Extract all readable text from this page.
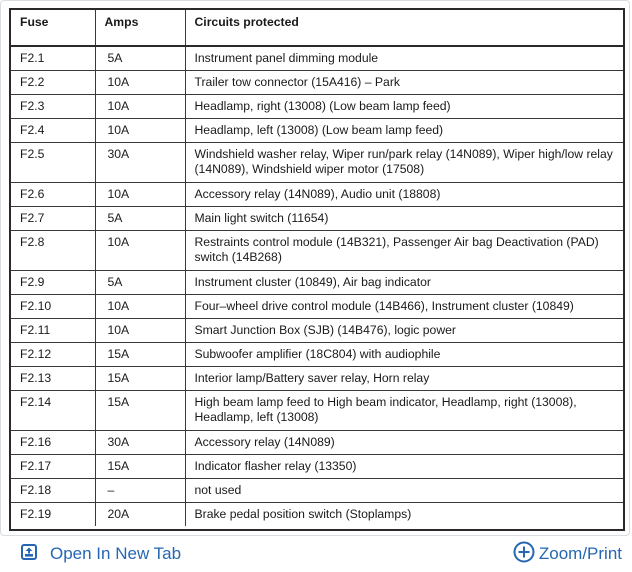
Fuse	Amps	Circuits protected
F2.1	5A	Instrument panel dimming module
F2.2	10A	Trailer tow connector (15A416) – Park
F2.3	10A	Headlamp, right (13008) (Low beam lamp feed)
F2.4	10A	Headlamp, left (13008) (Low beam lamp feed)
F2.5	30A	Windshield washer relay, Wiper run/park relay (14N089), Wiper high/low relay (14N089), Windshield wiper motor (17508)
F2.6	10A	Accessory relay (14N089), Audio unit (18808)
F2.7	5A	Main light switch (11654)
F2.8	10A	Restraints control module (14B321), Passenger Air bag Deactivation (PAD) switch (14B268)
F2.9	5A	Instrument cluster (10849), Air bag indicator
F2.10	10A	Four–wheel drive control module (14B466), Instrument cluster (10849)
F2.11	10A	Smart Junction Box (SJB) (14B476), logic power
F2.12	15A	Subwoofer amplifier (18C804) with audiophile
F2.13	15A	Interior lamp/Battery saver relay, Horn relay
F2.14	15A	High beam lamp feed to High beam indicator, Headlamp, right (13008), Headlamp, left (13008)
F2.16	30A	Accessory relay (14N089)
F2.17	15A	Indicator flasher relay (13350)
F2.18	–	not used
F2.19	20A	Brake pedal position switch (Stoplamps)
Open In New Tab	Zoom/Print
